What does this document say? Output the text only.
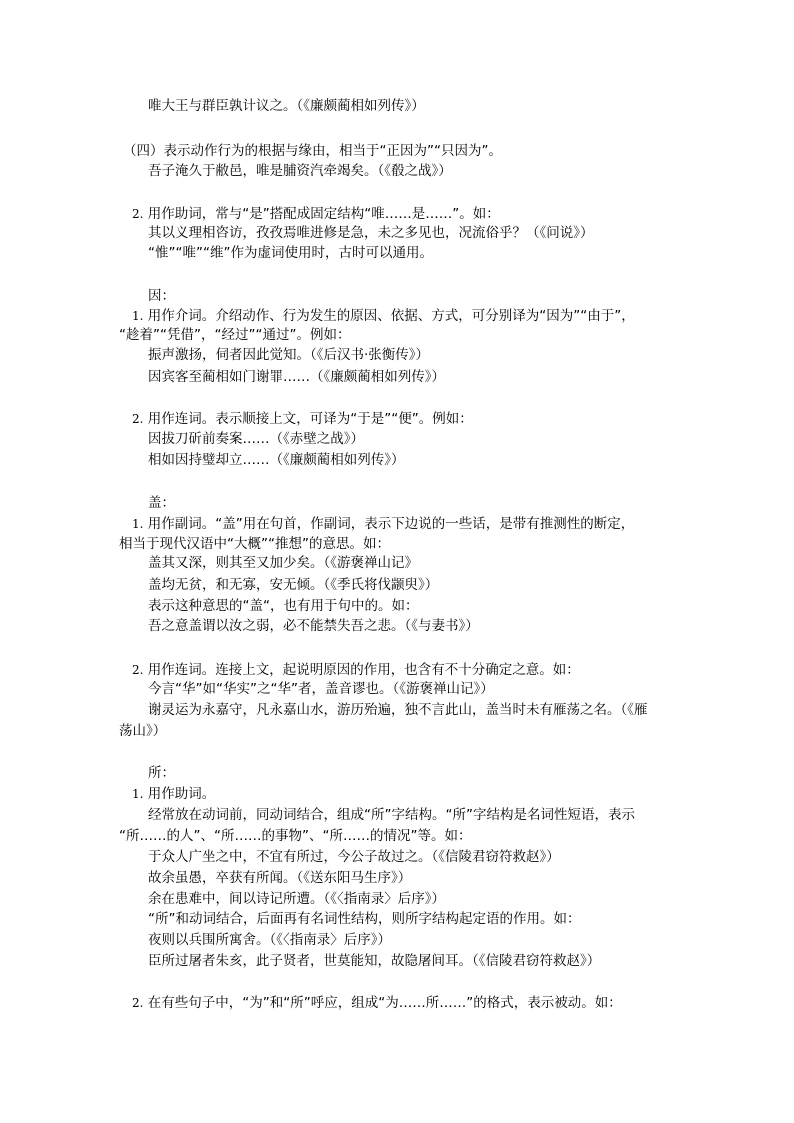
唯大王与群臣孰计议之。（《廉颇蔺相如列传》）
（四）表示动作行为的根据与缘由，相当于“正因为”“只因为”。
吾子淹久于敝邑，唯是脯资汽牵竭矣。（《殽之战》）
2. 用作助词，常与“是”搭配成固定结构“唯……是……”。如：
其以义理相咨访，孜孜焉唯进修是急，未之多见也，况流俗乎？（《问说》）
“惟”“唯”“维”作为虚词使用时，古时可以通用。
因：
1. 用作介词。介绍动作、行为发生的原因、依据、方式，可分别译为“因为”“由于”，
“趁着”“凭借”，“经过”“通过”。例如：
振声激扬，伺者因此觉知。（《后汉书·张衡传》）
因宾客至蔺相如门谢罪……（《廉颇蔺相如列传》）
2. 用作连词。表示顺接上文，可译为“于是”“便”。例如：
因拔刀斫前奏案……（《赤壁之战》）
相如因持璧却立……（《廉颇蔺相如列传》）
盖：
1. 用作副词。“盖”用在句首，作副词，表示下边说的一些话，是带有推测性的断定，
相当于现代汉语中“大概”“推想”的意思。如：
盖其又深，则其至又加少矣。（《游褒禅山记》
盖均无贫，和无寡，安无倾。（《季氏将伐颛臾》）
表示这种意思的“盖“，也有用于句中的。如：
吾之意盖谓以汝之弱，必不能禁失吾之悲。（《与妻书》）
2. 用作连词。连接上文，起说明原因的作用，也含有不十分确定之意。如：
今言“华”如“华实”之“华”者，盖音谬也。（《游褒禅山记》）
谢灵运为永嘉守，凡永嘉山水，游历殆遍，独不言此山，盖当时未有雁荡之名。（《雁
荡山》）
所：
1. 用作助词。
经常放在动词前，同动词结合，组成“所”字结构。“所”字结构是名词性短语，表示
“所……的人”、“所……的事物”、“所……的情况”等。如：
于众人广坐之中，不宜有所过，今公子故过之。（《信陵君窃符救赵》）
故余虽愚，卒获有所闻。（《送东阳马生序》）
余在患难中，间以诗记所遭。（《〈指南录〉后序》）
“所”和动词结合，后面再有名词性结构，则所字结构起定语的作用。如：
夜则以兵围所寓舍。（《〈指南录〉后序》）
臣所过屠者朱亥，此子贤者，世莫能知，故隐屠间耳。（《信陵君窃符救赵》）
2. 在有些句子中，“为”和“所”呼应，组成“为……所……”的格式，表示被动。如：
